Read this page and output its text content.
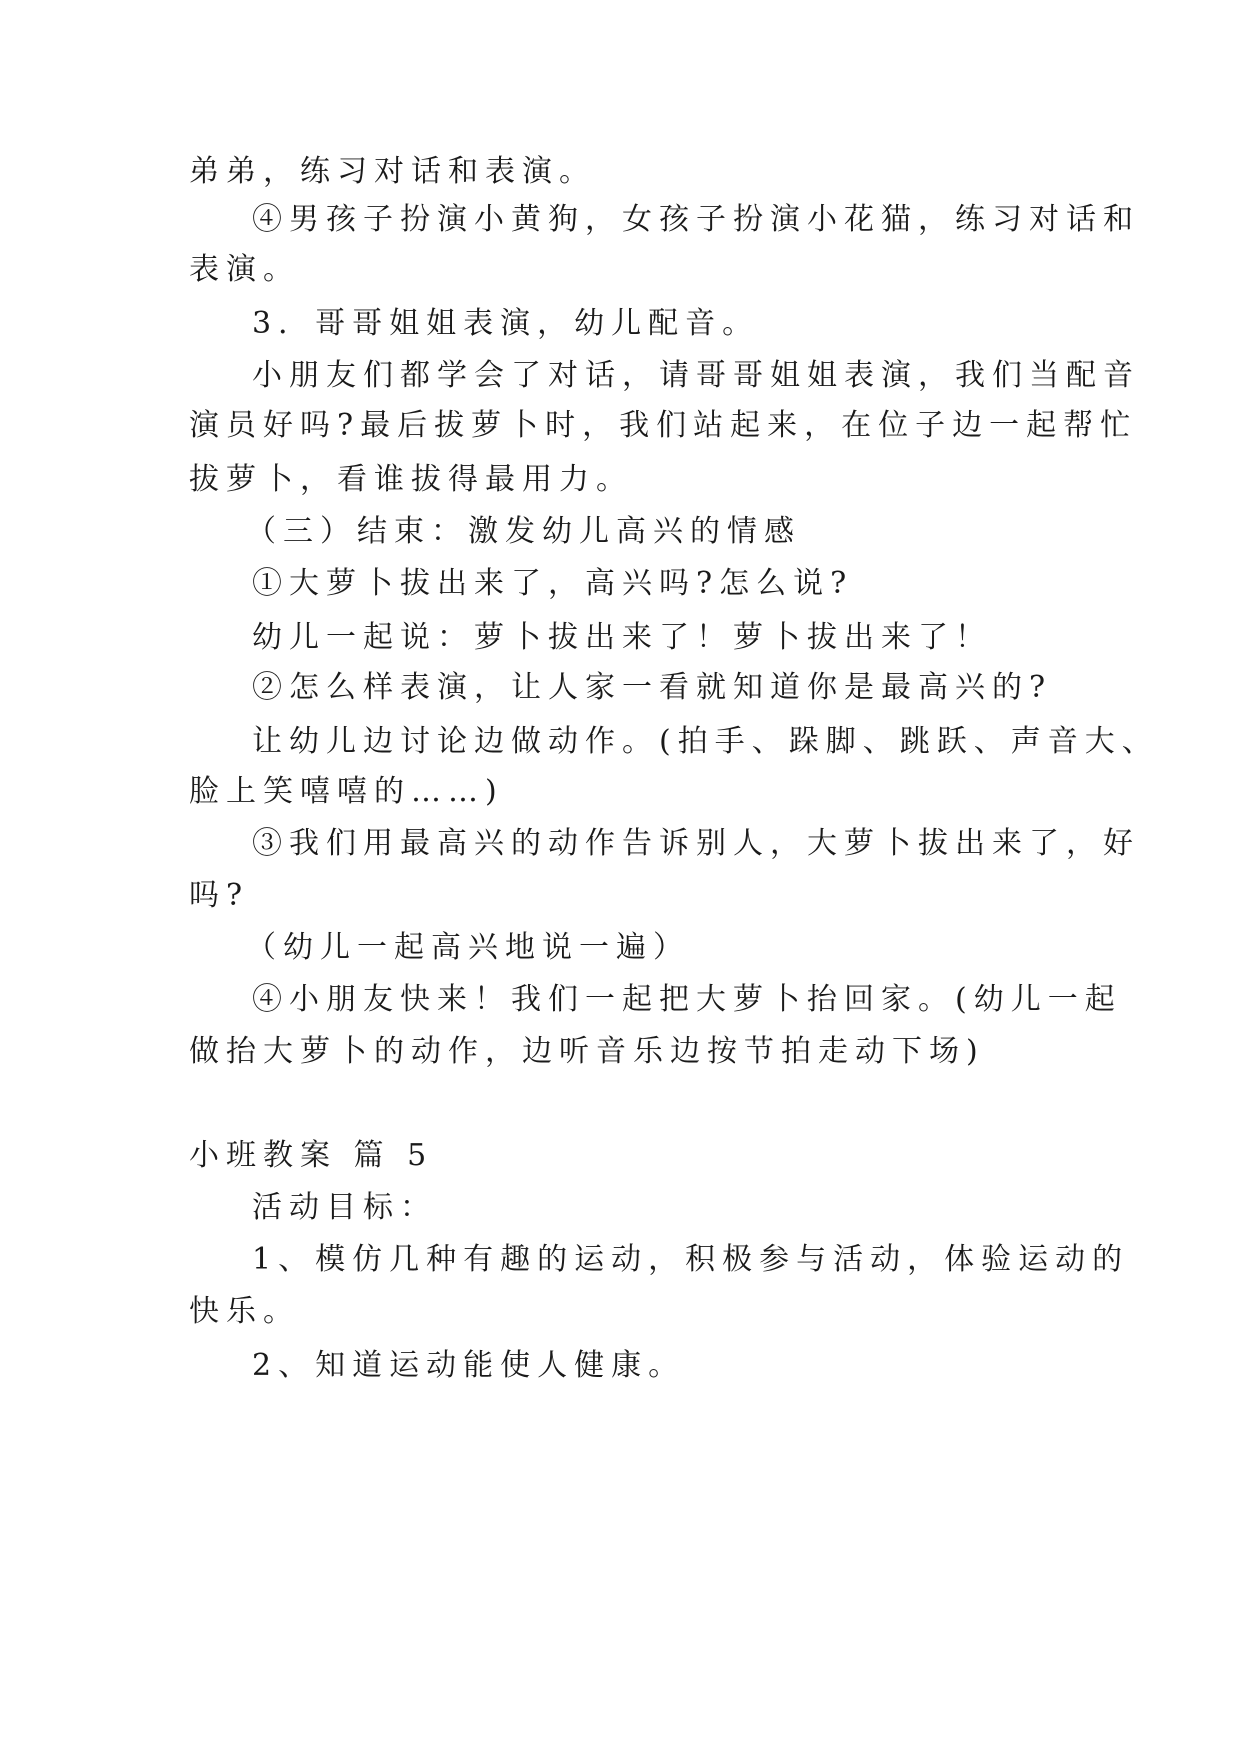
弟弟，练习对话和表演。
④男孩子扮演小黄狗，女孩子扮演小花猫，练习对话和
表演。
3．哥哥姐姐表演，幼儿配音。
小朋友们都学会了对话，请哥哥姐姐表演，我们当配音
演员好吗?最后拔萝卜时，我们站起来，在位子边一起帮忙
拔萝卜，看谁拔得最用力。
（三）结束：激发幼儿高兴的情感
①大萝卜拔出来了，高兴吗?怎么说?
幼儿一起说：萝卜拔出来了！萝卜拔出来了！
②怎么样表演，让人家一看就知道你是最高兴的?
让幼儿边讨论边做动作。(拍手、跺脚、跳跃、声音大、
脸上笑嘻嘻的……)
③我们用最高兴的动作告诉别人，大萝卜拔出来了，好
吗?
（幼儿一起高兴地说一遍）
④小朋友快来！我们一起把大萝卜抬回家。(幼儿一起
做抬大萝卜的动作，边听音乐边按节拍走动下场)
小班教案 篇 5
活动目标：
1、模仿几种有趣的运动，积极参与活动，体验运动的
快乐。
2、知道运动能使人健康。
